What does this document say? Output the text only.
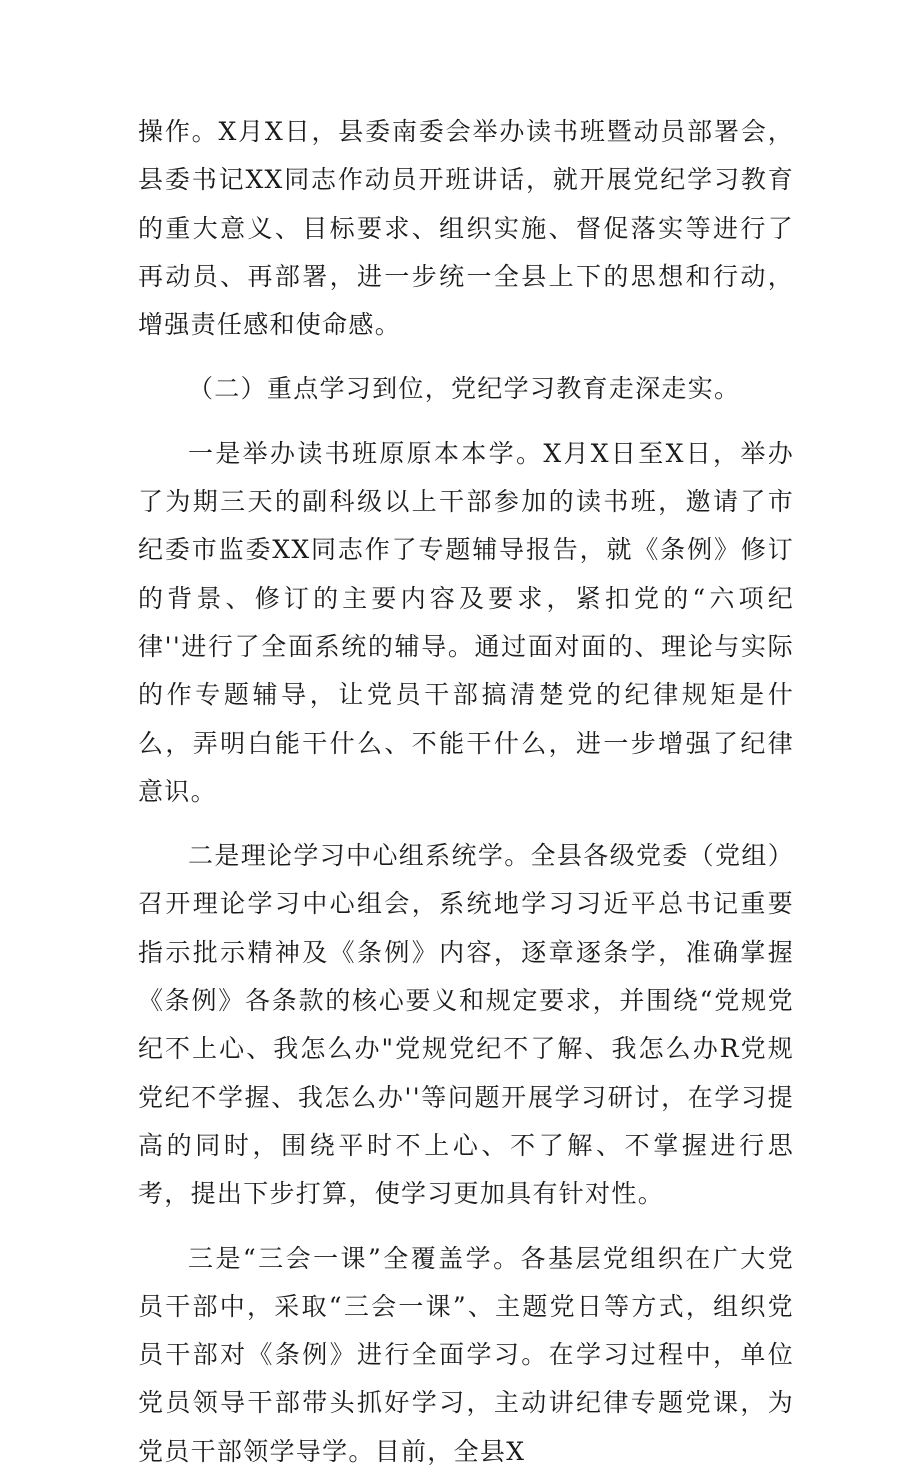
操作。X月X日，县委南委会举办读书班暨动员部署会，县委书记XX同志作动员开班讲话，就开展党纪学习教育的重大意义、目标要求、组织实施、督促落实等进行了再动员、再部署，进一步统一全县上下的思想和行动，增强责任感和使命感。

（二）重点学习到位，党纪学习教育走深走实。

一是举办读书班原原本本学。X月X日至X日，举办了为期三天的副科级以上干部参加的读书班，邀请了市纪委市监委XX同志作了专题辅导报告，就《条例》修订的背景、修订的主要内容及要求，紧扣党的“六项纪律''进行了全面系统的辅导。通过面对面的、理论与实际的作专题辅导，让党员干部搞清楚党的纪律规矩是什么，弄明白能干什么、不能干什么，进一步增强了纪律意识。

二是理论学习中心组系统学。全县各级党委（党组）召开理论学习中心组会，系统地学习习近平总书记重要指示批示精神及《条例》内容，逐章逐条学，准确掌握《条例》各条款的核心要义和规定要求，并围绕“党规党纪不上心、我怎么办"党规党纪不了解、我怎么办R党规党纪不学握、我怎么办''等问题开展学习研讨，在学习提高的同时，围绕平时不上心、不了解、不掌握进行思考，提出下步打算，使学习更加具有针对性。

三是“三会一课”全覆盖学。各基层党组织在广大党员干部中，采取“三会一课”、主题党日等方式，组织党员干部对《条例》进行全面学习。在学习过程中，单位党员领导干部带头抓好学习，主动讲纪律专题党课，为党员干部领学导学。目前，全县X
